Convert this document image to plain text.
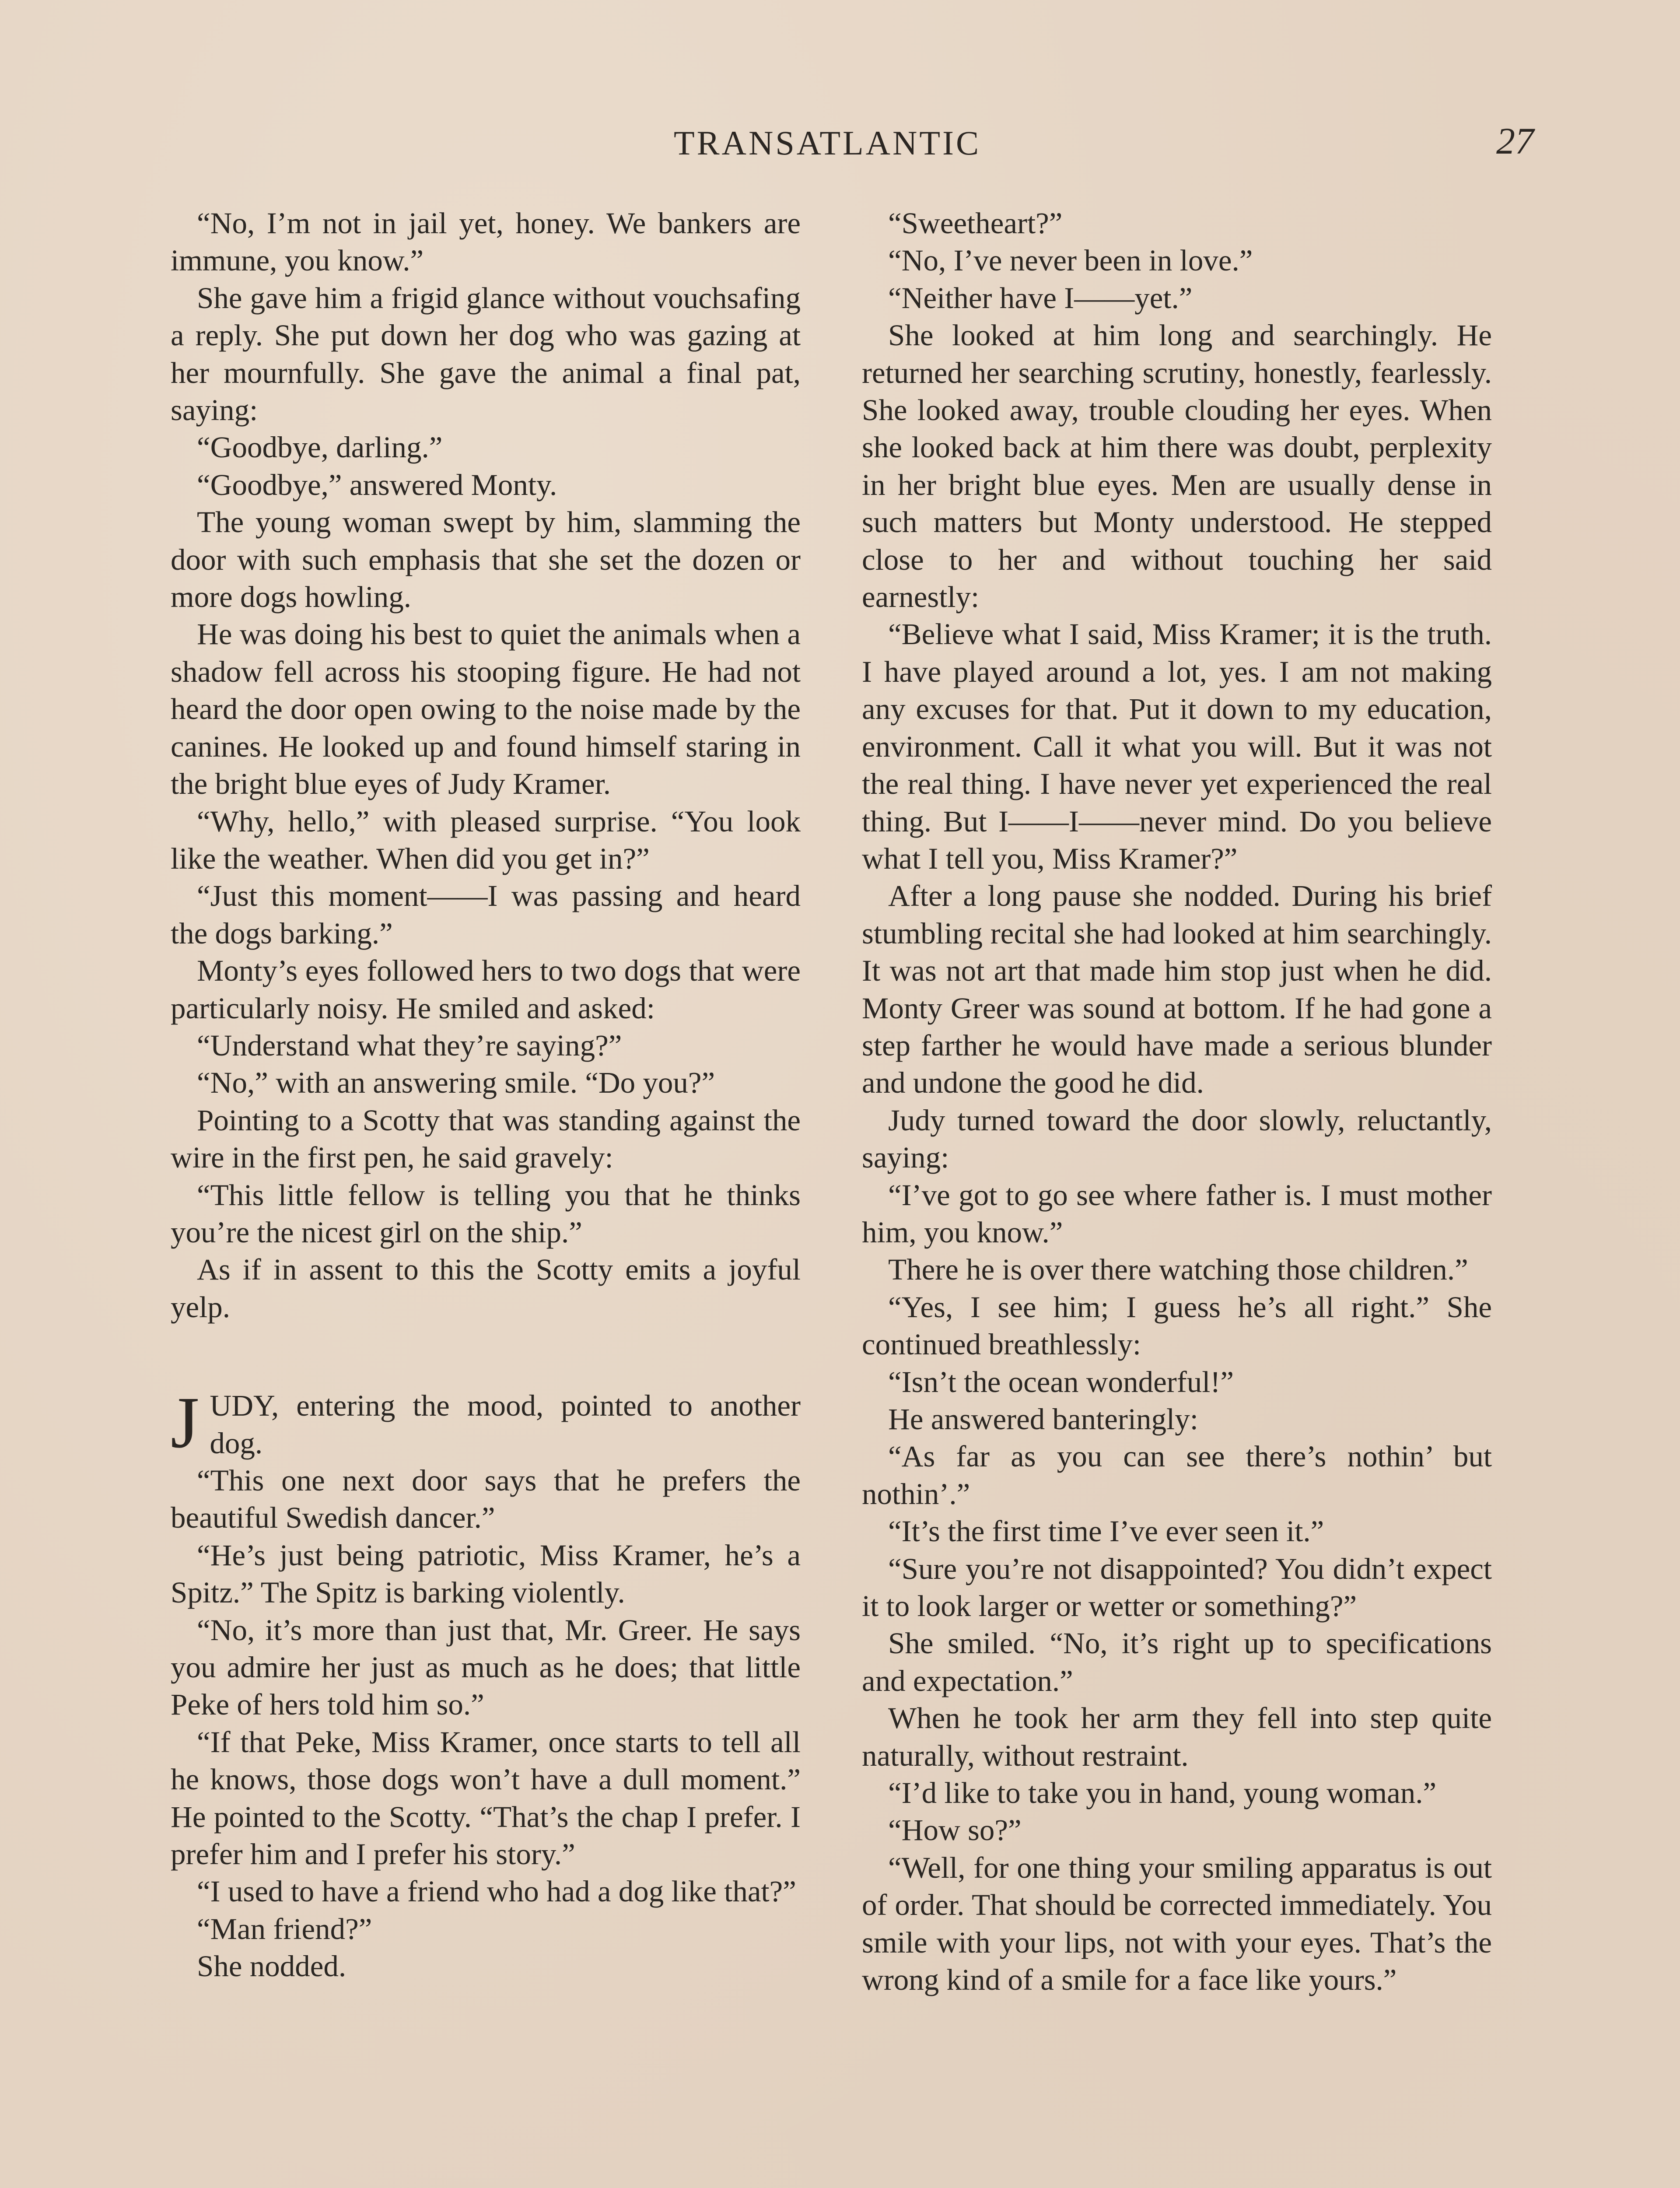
TRANSATLANTIC	27

“No, I’m not in jail yet, honey. We bankers are immune, you know.”

She gave him a frigid glance without vouchsafing a reply. She put down her dog who was gazing at her mournfully. She gave the animal a final pat, saying:

“Goodbye, darling.”

“Goodbye,” answered Monty.

The young woman swept by him, slamming the door with such emphasis that she set the dozen or more dogs howling.

He was doing his best to quiet the animals when a shadow fell across his stooping figure. He had not heard the door open owing to the noise made by the canines. He looked up and found himself staring in the bright blue eyes of Judy Kramer.

“Why, hello,” with pleased surprise. “You look like the weather. When did you get in?”

“Just this moment——I was passing and heard the dogs barking.”

Monty’s eyes followed hers to two dogs that were particularly noisy. He smiled and asked:

“Understand what they’re saying?”

“No,” with an answering smile. “Do you?”

Pointing to a Scotty that was standing against the wire in the first pen, he said gravely:

“This little fellow is telling you that he thinks you’re the nicest girl on the ship.”

As if in assent to this the Scotty emits a joyful yelp.

JUDY, entering the mood, pointed to another dog.

“This one next door says that he prefers the beautiful Swedish dancer.”

“He’s just being patriotic, Miss Kramer, he’s a Spitz.” The Spitz is barking violently.

“No, it’s more than just that, Mr. Greer. He says you admire her just as much as he does; that little Peke of hers told him so.”

“If that Peke, Miss Kramer, once starts to tell all he knows, those dogs won’t have a dull moment.” He pointed to the Scotty. “That’s the chap I prefer. I prefer him and I prefer his story.”

“I used to have a friend who had a dog like that?”

“Man friend?”

She nodded.

“Sweetheart?”

“No, I’ve never been in love.”

“Neither have I——yet.”

She looked at him long and searchingly. He returned her searching scrutiny, honestly, fearlessly. She looked away, trouble clouding her eyes. When she looked back at him there was doubt, perplexity in her bright blue eyes. Men are usually dense in such matters but Monty understood. He stepped close to her and without touching her said earnestly:

“Believe what I said, Miss Kramer; it is the truth. I have played around a lot, yes. I am not making any excuses for that. Put it down to my education, environment. Call it what you will. But it was not the real thing. I have never yet experienced the real thing. But I——I——never mind. Do you believe what I tell you, Miss Kramer?”

After a long pause she nodded. During his brief stumbling recital she had looked at him searchingly. It was not art that made him stop just when he did. Monty Greer was sound at bottom. If he had gone a step farther he would have made a serious blunder and undone the good he did.

Judy turned toward the door slowly, reluctantly, saying:

“I’ve got to go see where father is. I must mother him, you know.”

There he is over there watching those children.”

“Yes, I see him; I guess he’s all right.” She continued breathlessly:

“Isn’t the ocean wonderful!”

He answered banteringly:

“As far as you can see there’s nothin’ but nothin’.”

“It’s the first time I’ve ever seen it.”

“Sure you’re not disappointed? You didn’t expect it to look larger or wetter or something?”

She smiled. “No, it’s right up to specifications and expectation.”

When he took her arm they fell into step quite naturally, without restraint.

“I’d like to take you in hand, young woman.”

“How so?”

“Well, for one thing your smiling apparatus is out of order. That should be corrected immediately. You smile with your lips, not with your eyes. That’s the wrong kind of a smile for a face like yours.”
